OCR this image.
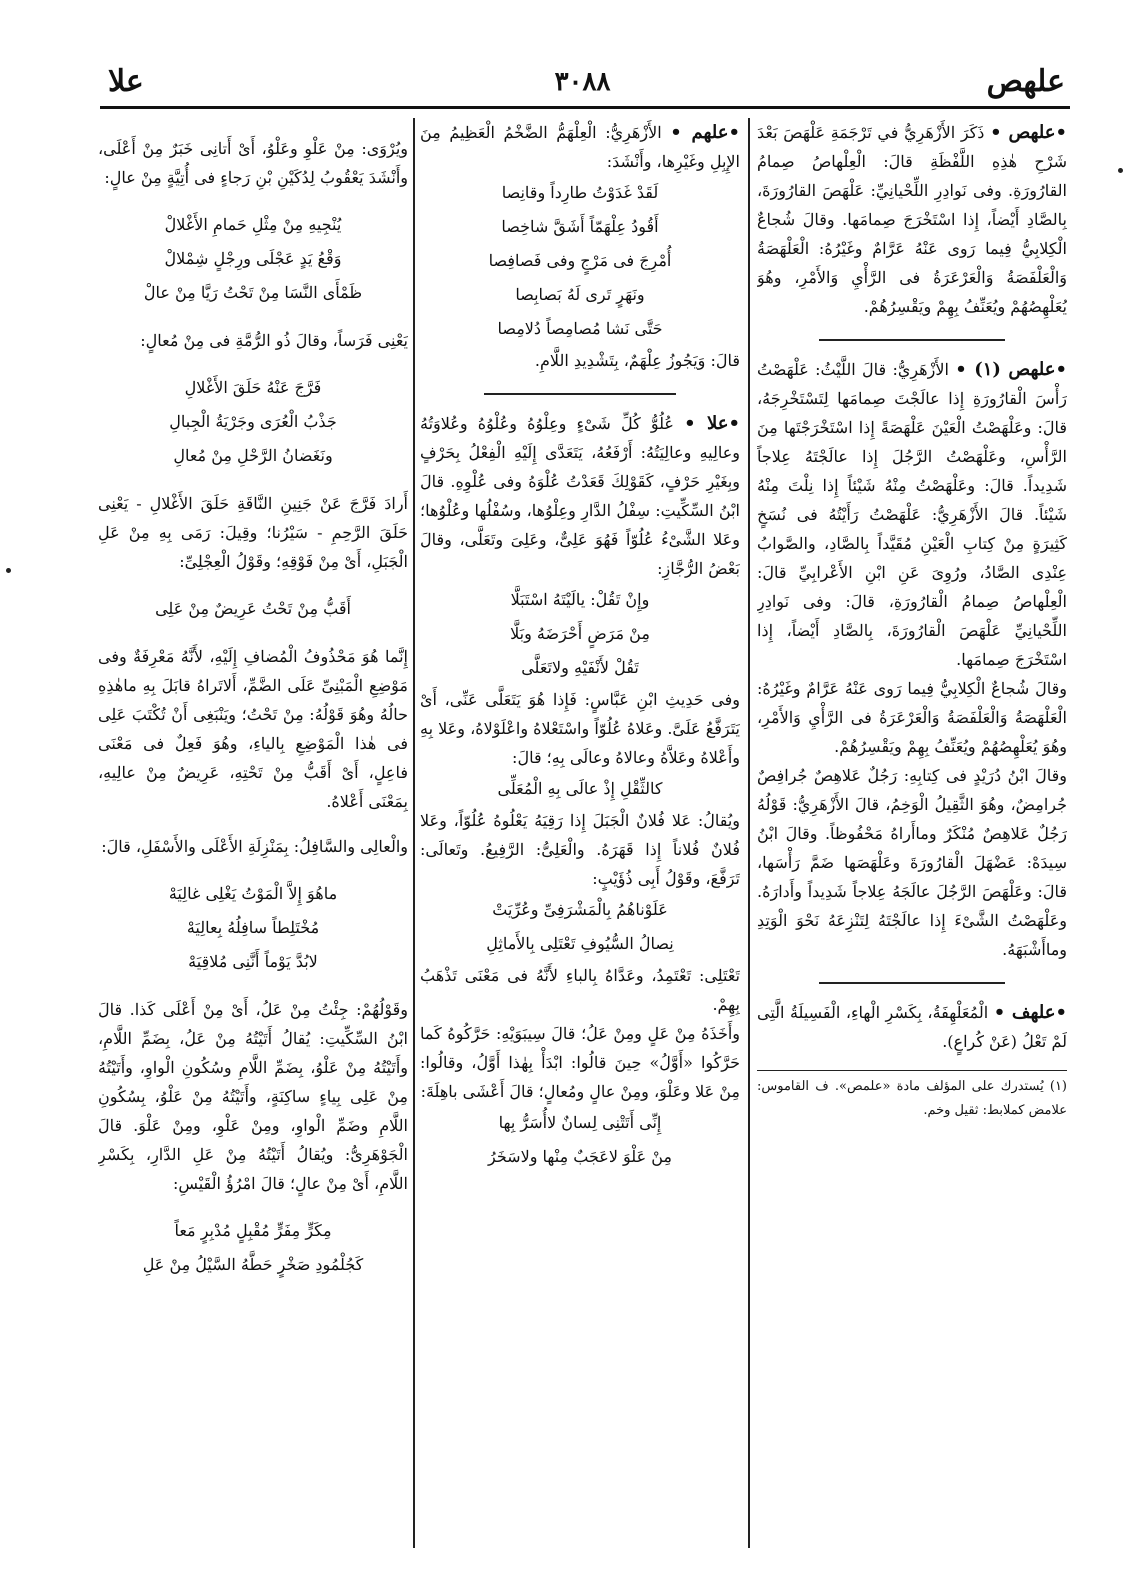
علهص
٣٠٨٨
علا

•علهص • ذَكَرَ الأَزْهَرِيُّ في تَرْجَمَةِ عَلْهَصَ بَعْدَ شَرْحِ هٰذِهِ اللَّفْظَةِ قالَ: الْعِلْهاصُ صِمامُ القارُورَةِ. وفى نَوادِرِ اللِّحْيانِيِّ: عَلْهَصَ القارُورَةَ، بِالصَّادِ أَيْضاً، إِذا اسْتَخْرَجَ صِمامَها. وقالَ شُجاعٌ الْكِلابِيُّ فِيما رَوى عَنْهُ عَرَّامٌ وغَيْرُهُ: الْعَلْهَصَةُ وَالْعَلْفَصَةُ وَالْعَرْعَرَةُ فى الرَّأْيِ وَالأَمْرِ، وهُوَ يُعَلْهِصُهُمْ ويُعَنِّفُ بِهِمْ ويَقْسِرُهُمْ.

•علهص (١) • الأَزْهَرِيُّ: قالَ اللَّيْثُ: عَلْهَصْتُ رَأْسَ الْقارُورَةِ إِذا عالَجْتَ صِمامَها لِتَسْتَخْرِجَهُ، قالَ: وعَلْهَصْتُ الْعَيْنَ عَلْهَصَةً إِذا اسْتَخْرَجْتَها مِنَ الرَّأْسِ، وعَلْهَصْتُ الرَّجُلَ إِذا عالَجْتَهُ عِلاجاً شَدِيداً. قالَ: وعَلْهَصْتُ مِنْهُ شَيْئاً إِذا نِلْتَ مِنْهُ شَيْئاً. قالَ الأَزْهَرِيُّ: عَلْهَصْتُ رَأَيْتُهُ فى نُسَخٍ كَثِيرَةٍ مِنْ كِتابِ الْعَيْنِ مُقَيَّداً بِالصَّادِ، والصَّوابُ عِنْدِى الصَّادُ، ورُوِىَ عَنِ ابْنِ الأَعْرابِيِّ قالَ: الْعِلْهاصُ صِمامُ الْقارُورَةِ، قالَ: وفى نَوادِرِ اللِّحْيانِيِّ عَلْهَصَ الْقارُورَةَ، بِالصَّادِ أَيْضاً، إِذا اسْتَخْرَجَ صِمامَها.

وقالَ شُجاعٌ الْكِلابِيُّ فِيما رَوى عَنْهُ عَرَّامٌ وغَيْرُهُ: الْعَلْهَصَةُ وَالْعَلْفَصَةُ وَالْعَرْعَرَةُ فى الرَّأْيِ وَالأَمْرِ، وهُوَ يُعَلْهِصُهُمْ ويُعَنِّفُ بِهِمْ ويَقْسِرُهُمْ.

وقالَ ابْنُ دُرَيْدٍ فى كِتابِهِ: رَجُلٌ عَلاهِصٌ جُرافِصٌ جُرامِضٌ، وهُوَ الثَّقِيلُ الْوَخِمُ، قالَ الأَزْهَرِيُّ: قَوْلُهُ رَجُلٌ عَلاهِصٌ مُنْكَرٌ وماأَراهُ مَحْفُوظاً. وقالَ ابْنُ سِيدَهْ: عَضْهَلَ الْقارُورَةَ وعَلْهَصَها ضَمَّ رَأْسَها، قالَ: وعَلْهَصَ الرَّجُلَ عالَجَهُ عِلاجاً شَدِيداً وأَدارَهُ. وعَلْهَصْتُ الشَّىْءَ إِذا عالَجْتَهُ لِتَنْزِعَهُ نَحْوَ الْوَتِدِ وماأَشْبَهَهُ.

•علهف • الْمُعَلْهِفَةُ، بِكَسْرِ الْهاءِ، الْفَسِيلَةُ الَّتِى لَمْ تَعْلُ (عَنْ كُراعٍ).

(١) يُستدرك على المؤلف مادة «علمص». ف القاموس: علامض كملابط: ثقيل وخم.

•علهم • الأَزْهَرِيُّ: الْعِلْهَمُّ الضَّخْمُ الْعَظِيمُ مِنَ الإِبِلِ وغَيْرِها، وأَنْشَدَ:

لَقَدْ غَدَوْتُ طارِداً وقانِصا

أَقُودُ عِلْهَمّاً أَشَقَّ شاخِصا

أُمْرِجَ فى مَرْجٍ وفى فَصافِصا

ونَهَرٍ تَرى لَهُ بَصابِصا

حَتَّى نَشا مُصامِصاً دُلامِصا

قالَ: وَيَجُوزُ عِلْهَمٌ، بِتَشْدِيدِ اللَّامِ.

•علا • عُلُوُّ كُلِّ شَىْءٍ وعِلْوُهُ وعُلْوُهُ وعُلاوَتُهُ وعالِيهِ وعالِيَتُهُ: أَرْفَعُهُ، يَتَعَدَّى إِلَيْهِ الْفِعْلُ بِحَرْفٍ وبِغَيْرِ حَرْفٍ، كَقَوْلِكَ قَعَدْتُ عُلْوَهُ وفى عُلْوِهِ. قالَ ابْنُ السِّكِّيتِ: سِفْلُ الدَّارِ وعِلْوُها، وسُفْلُها وعُلْوُها؛ وعَلا الشَّىْءُ عُلُوّاً فَهُوَ عَلِىٌّ، وعَلِىَ وتَعَلَّى، وقالَ بَعْضُ الرُّجَّازِ:

وإِنْ تَقُلْ: يالَيْتَهُ اسْتَبَلَّا

مِنْ مَرَضٍ أَحْرَضَهُ وبَلَّا

تَقُلْ لأَنْفَيْهِ ولاتَعَلَّى

وفى حَدِيثِ ابْنِ عَبَّاسٍ: فَإِذا هُوَ يَتَعَلَّى عَنِّى، أَىْ يَتَرَفَّعُ عَلَىَّ. وعَلاهُ عُلُوّاً واسْتَعْلاهُ واعْلَوْلاهُ، وعَلا بِهِ وأَعْلاهُ وعَلاَّهُ وعالاهُ وعالَى بِهِ؛ قالَ:

كالثِّقْلِ إِذْ عالَى بِهِ الْمُعَلِّى

ويُقالُ: عَلا فُلانٌ الْجَبَلَ إِذا رَقِيَهُ يَعْلُوهُ عُلُوّاً، وعَلا فُلانٌ فُلاناً إِذا قَهَرَهُ. والْعَلِىُّ: الرَّفِيعُ. وتَعالَى: تَرَفَّعَ، وقَوْلُ أَبِى ذُؤَيْبٍ:

عَلَوْناهُمُ بِالْمَشْرَفِىِّ وعُرِّيَتْ

نِصالُ السُّيُوفِ تَعْتَلِى بِالأَماثِلِ

تَعْتَلِى: تَعْتَمِدُ، وعَدَّاهُ بِالباءِ لأَنَّهُ فى مَعْنَى تَذْهَبُ بِهِمْ.

وأَخَذَهُ مِنْ عَلٍ ومِنْ عَلُ؛ قالَ سِيبَوَيْهِ: حَرَّكُوهُ كَما حَرَّكُوا «أَوَّلُ» حِينَ قالُوا: ابْدَأْ بِهٰذا أَوَّلُ، وقالُوا: مِنْ عَلا وعَلْوَ، ومِنْ عالٍ ومُعالٍ؛ قالَ أَعْشَى باهِلَةَ:

إِنِّى أَتَتْنِى لِسانٌ لاأُسَرُّ بِها

مِنْ عَلْوَ لاعَجَبٌ مِنْها ولاسَخَرُ

ويُرْوَى: مِنْ عَلْوِ وعَلْوُ، أَىْ أَتانِى خَبَرٌ مِنْ أَعْلَى، وأَنْشَدَ يَعْقُوبُ لِدُكَيْنِ بْنِ رَجاءٍ فى أُتِيَّةٍ مِنْ عالٍ:

يُنْجِيهِ مِنْ مِثْلِ حَمامِ الأَغْلالْ

وَقْعُ يَدٍ عَجْلَى ورِجْلٍ شِمْلالْ

ظَمْأَى النَّسَا مِنْ تَحْتُ رَيَّا مِنْ عالْ

يَعْنِى فَرَساً، وقالَ ذُو الرُّمَّةِ فى مِنْ مُعالٍ:

فَرَّجَ عَنْهُ حَلَقَ الأَغْلالِ

جَذْبُ الْعُرَى وجَرْيَةُ الْجِبالِ

ونَغَضانُ الرَّحْلِ مِنْ مُعالِ

أَرادَ فَرَّجَ عَنْ جَنِينِ النَّاقَةِ حَلَقَ الأَغْلالِ - يَعْنِى حَلَقَ الرَّحِمِ - سَيْرُنا؛ وقِيلَ: رَمَى بِهِ مِنْ عَلِ الْجَبَلِ، أَىْ مِنْ فَوْقِهِ؛ وقَوْلُ الْعِجْلِىِّ:

أَقَبُّ مِنْ تَحْتُ عَرِيضٌ مِنْ عَلِى

إِنَّما هُوَ مَحْذُوفُ الْمُضافِ إِلَيْهِ، لأَنَّهُ مَعْرِفَةٌ وفى مَوْضِعِ الْمَبْنِىِّ عَلَى الضَّمِّ، أَلاتَراهُ قابَلَ بِهِ ماهٰذِهِ حالُهُ وهُوَ قَوْلُهُ: مِنْ تَحْتُ؛ ويَنْبَغِى أَنْ تُكْتَبَ عَلِى فى هٰذا الْمَوْضِعِ بِالياءِ، وهُوَ فَعِلٌ فى مَعْنَى فاعِلٍ، أَىْ أَقَبُّ مِنْ تَحْتِهِ، عَرِيضٌ مِنْ عالِيهِ، بِمَعْنَى أَعْلاهُ.

والْعالِى والسَّافِلُ: بِمَنْزِلَةِ الأَعْلَى والأَسْفَلِ، قالَ:

ماهُوَ إِلاَّ الْمَوْتُ يَغْلِى غالِيَهْ

مُخْتَلِطاً سافِلُهُ بِعالِيَهْ

لابُدَّ يَوْماً أَنَّنِى مُلاقِيَهْ

وقَوْلُهُمْ: جِئْتُ مِنْ عَلُ، أَىْ مِنْ أَعْلَى كَذا. قالَ ابْنُ السِّكِّيتِ: يُقالُ أَتَيْتُهُ مِنْ عَلُ، بِضَمِّ اللَّامِ، وأَتَيْتُهُ مِنْ عَلْوُ، بِضَمِّ اللَّامِ وسُكُونِ الْواوِ، وأَتَيْتُهُ مِنْ عَلِى بِياءٍ ساكِنَةٍ، وأَتَيْتُهُ مِنْ عَلْوُ، بِسُكُونِ اللَّامِ وضَمِّ الْواوِ، ومِنْ عَلْوِ، ومِنْ عَلْوَ. قالَ الْجَوْهَرِىُّ: ويُقالُ أَتَيْتُهُ مِنْ عَلِ الدَّارِ، بِكَسْرِ اللَّامِ، أَىْ مِنْ عالٍ؛ قالَ امْرُؤُ الْقَيْسِ:

مِكَرٍّ مِفَرٍّ مُقْبِلٍ مُدْبِرٍ مَعاً

كَجُلْمُودِ صَخْرٍ حَطَّهُ السَّيْلُ مِنْ عَلِ
